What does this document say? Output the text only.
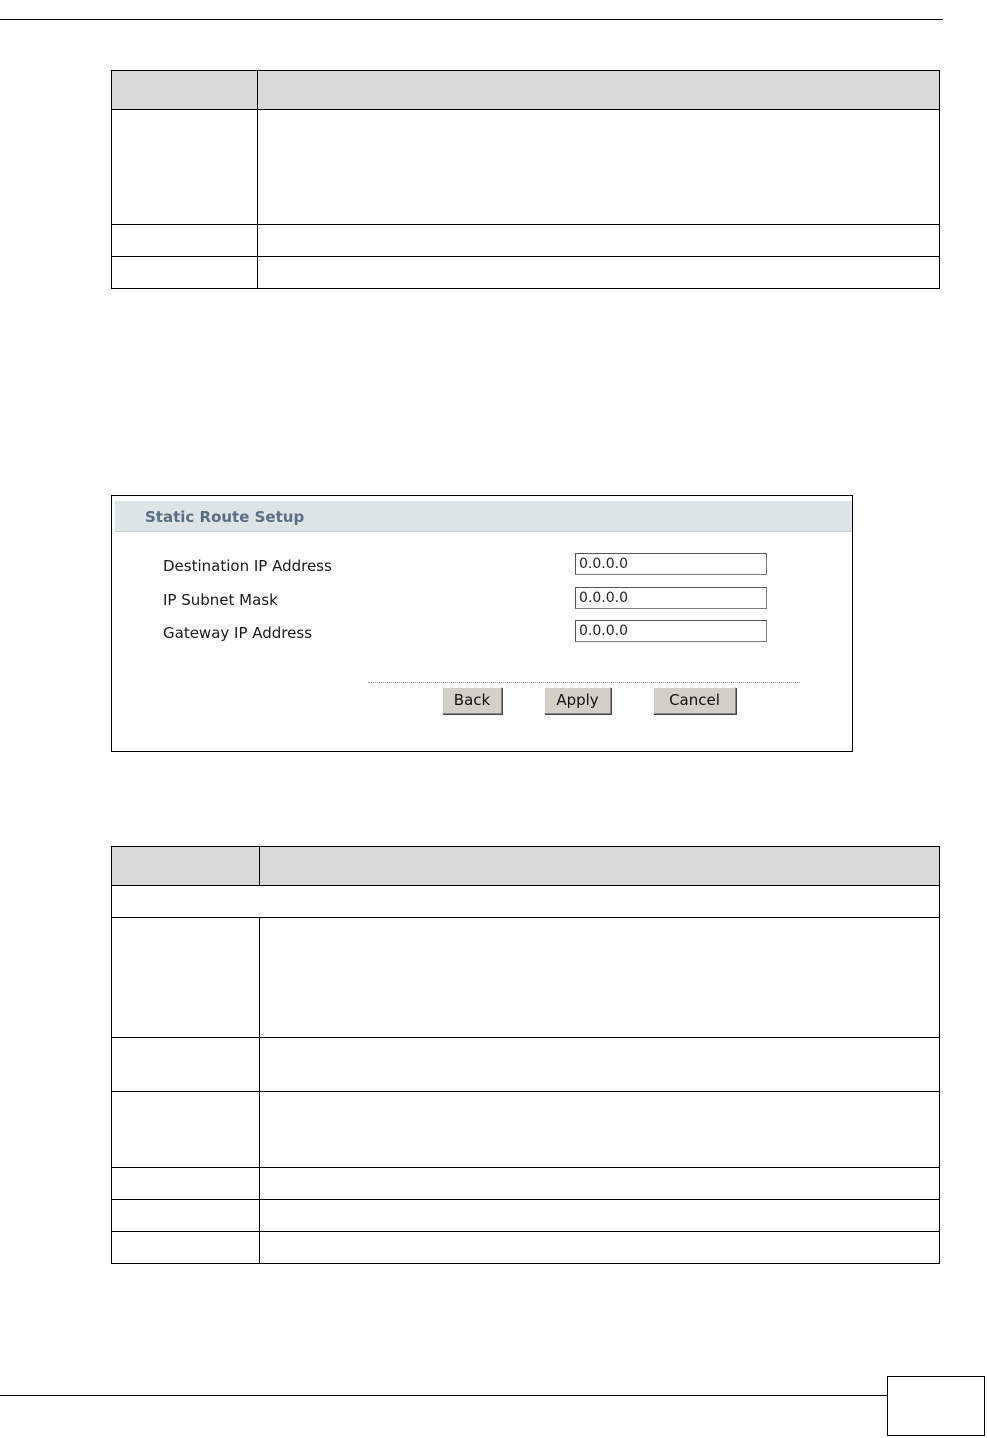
Static Route Setup
Destination IP Address
0.0.0.0
IP Subnet Mask
0.0.0.0
Gateway IP Address
0.0.0.0
Back	Apply	Cancel
